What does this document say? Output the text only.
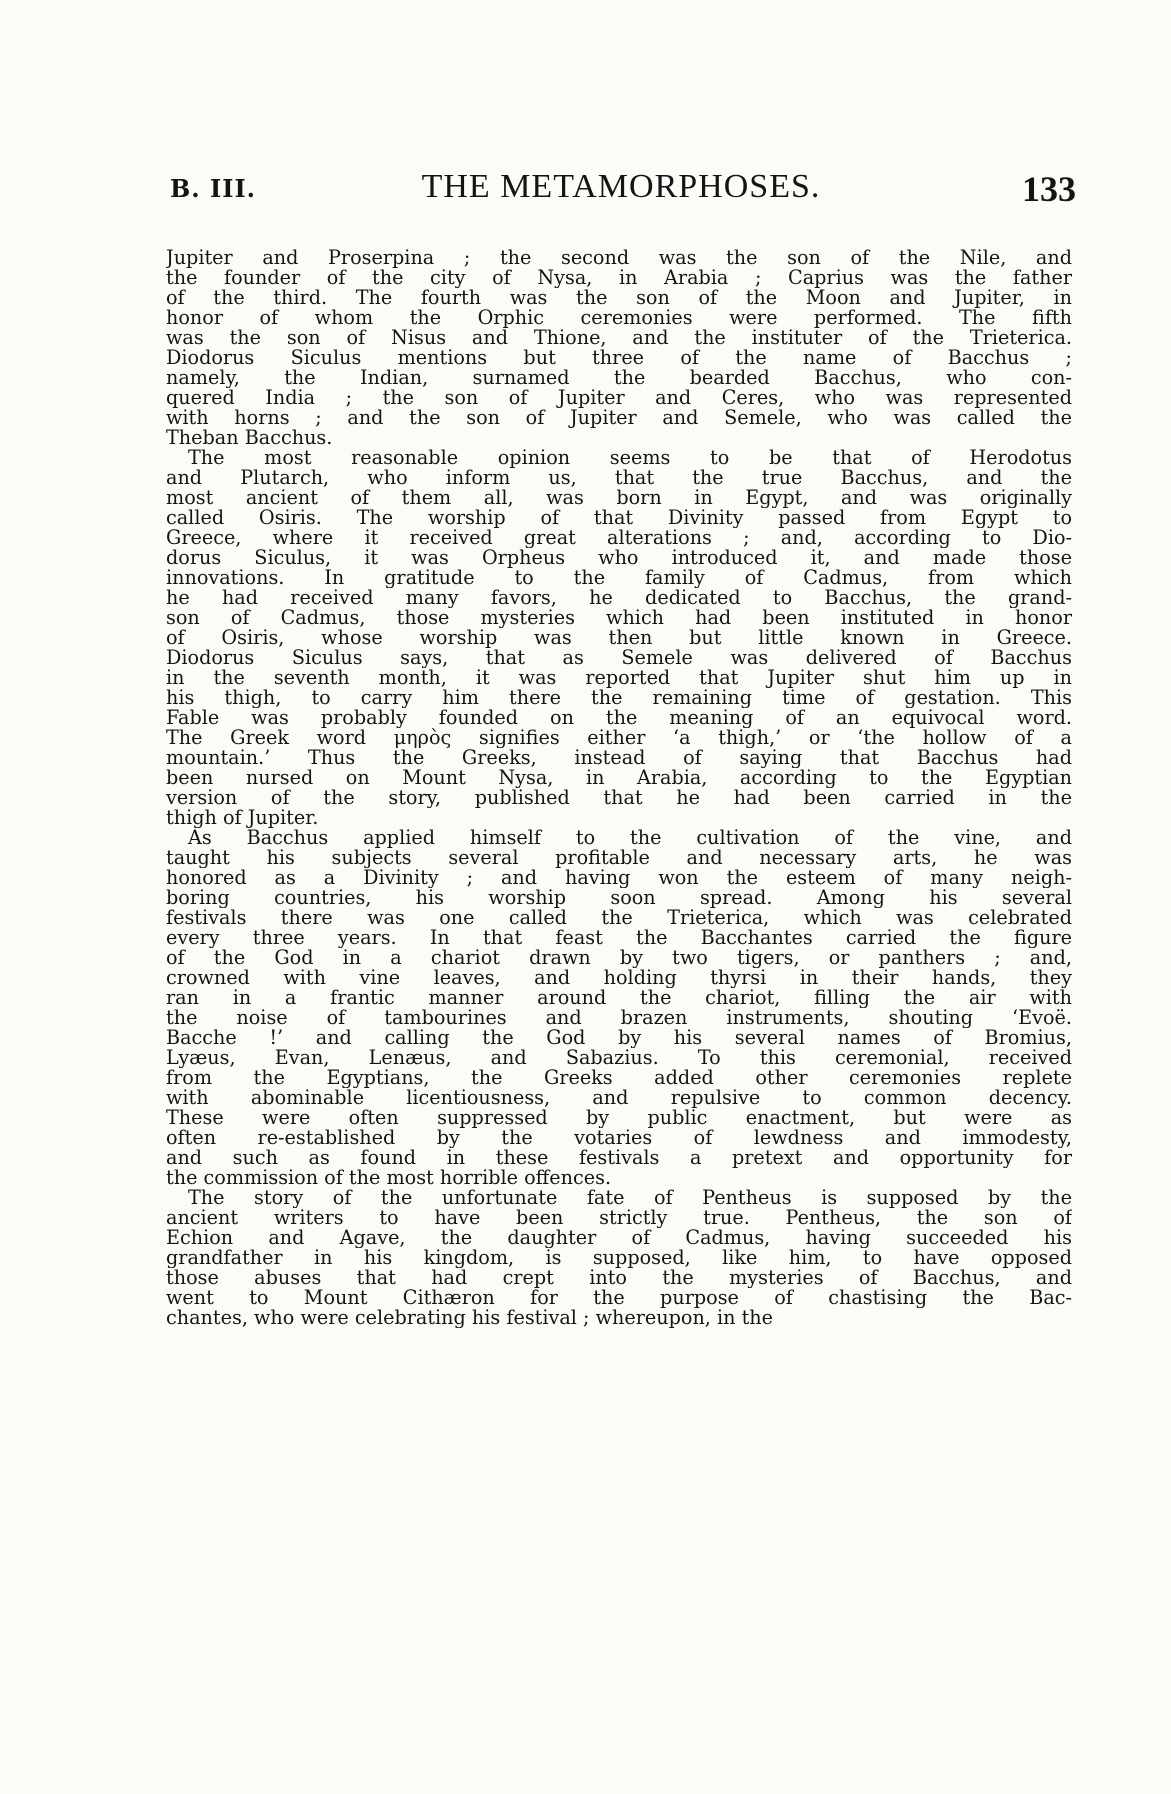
B. III.	THE METAMORPHOSES.	133
Jupiter and Proserpina ; the second was the son of the Nile, and
the founder of the city of Nysa, in Arabia ; Caprius was the father
of the third. The fourth was the son of the Moon and Jupiter, in
honor of whom the Orphic ceremonies were performed. The fifth
was the son of Nisus and Thione, and the instituter of the Trieterica.
Diodorus Siculus mentions but three of the name of Bacchus ;
namely, the Indian, surnamed the bearded Bacchus, who con-
quered India ; the son of Jupiter and Ceres, who was represented
with horns ; and the son of Jupiter and Semele, who was called the
Theban Bacchus.
The most reasonable opinion seems to be that of Herodotus
and Plutarch, who inform us, that the true Bacchus, and the
most ancient of them all, was born in Egypt, and was originally
called Osiris. The worship of that Divinity passed from Egypt to
Greece, where it received great alterations ; and, according to Dio-
dorus Siculus, it was Orpheus who introduced it, and made those
innovations. In gratitude to the family of Cadmus, from which
he had received many favors, he dedicated to Bacchus, the grand-
son of Cadmus, those mysteries which had been instituted in honor
of Osiris, whose worship was then but little known in Greece.
Diodorus Siculus says, that as Semele was delivered of Bacchus
in the seventh month, it was reported that Jupiter shut him up in
his thigh, to carry him there the remaining time of gestation. This
Fable was probably founded on the meaning of an equivocal word.
The Greek word μηρὸς signifies either ‘a thigh,’ or ‘the hollow of a
mountain.’ Thus the Greeks, instead of saying that Bacchus had
been nursed on Mount Nysa, in Arabia, according to the Egyptian
version of the story, published that he had been carried in the
thigh of Jupiter.
As Bacchus applied himself to the cultivation of the vine, and
taught his subjects several profitable and necessary arts, he was
honored as a Divinity ; and having won the esteem of many neigh-
boring countries, his worship soon spread. Among his several
festivals there was one called the Trieterica, which was celebrated
every three years. In that feast the Bacchantes carried the figure
of the God in a chariot drawn by two tigers, or panthers ; and,
crowned with vine leaves, and holding thyrsi in their hands, they
ran in a frantic manner around the chariot, filling the air with
the noise of tambourines and brazen instruments, shouting ‘Evoë.
Bacche !’ and calling the God by his several names of Bromius,
Lyæus, Evan, Lenæus, and Sabazius. To this ceremonial, received
from the Egyptians, the Greeks added other ceremonies replete
with abominable licentiousness, and repulsive to common decency.
These were often suppressed by public enactment, but were as
often re-established by the votaries of lewdness and immodesty,
and such as found in these festivals a pretext and opportunity for
the commission of the most horrible offences.
The story of the unfortunate fate of Pentheus is supposed by the
ancient writers to have been strictly true. Pentheus, the son of
Echion and Agave, the daughter of Cadmus, having succeeded his
grandfather in his kingdom, is supposed, like him, to have opposed
those abuses that had crept into the mysteries of Bacchus, and
went to Mount Cithæron for the purpose of chastising the Bac-
chantes, who were celebrating his festival ; whereupon, in the
